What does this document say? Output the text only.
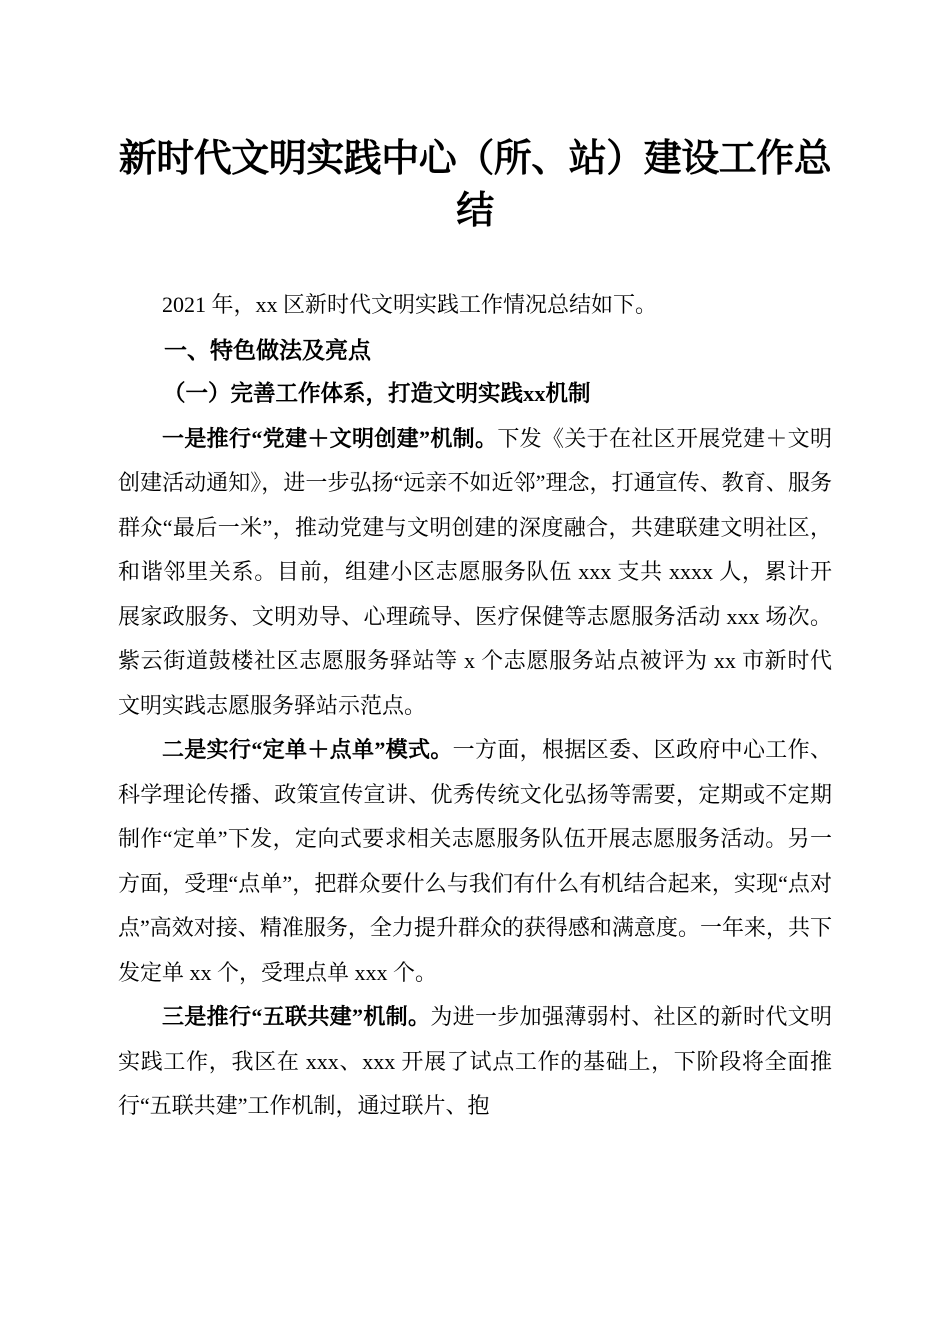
新时代文明实践中心（所、站）建设工作总结

2021 年，xx 区新时代文明实践工作情况总结如下。

一、特色做法及亮点
（一）完善工作体系，打造文明实践xx机制

一是推行“党建＋文明创建”机制。下发《关于在社区开展党建＋文明创建活动通知》，进一步弘扬“远亲不如近邻”理念，打通宣传、教育、服务群众“最后一米”，推动党建与文明创建的深度融合，共建联建文明社区，和谐邻里关系。目前，组建小区志愿服务队伍 xxx 支共 xxxx 人，累计开展家政服务、文明劝导、心理疏导、医疗保健等志愿服务活动 xxx 场次。紫云街道鼓楼社区志愿服务驿站等 x 个志愿服务站点被评为 xx 市新时代文明实践志愿服务驿站示范点。

二是实行“定单＋点单”模式。一方面，根据区委、区政府中心工作、科学理论传播、政策宣传宣讲、优秀传统文化弘扬等需要，定期或不定期制作“定单”下发，定向式要求相关志愿服务队伍开展志愿服务活动。另一方面，受理“点单”，把群众要什么与我们有什么有机结合起来，实现“点对点”高效对接、精准服务，全力提升群众的获得感和满意度。一年来，共下发定单 xx 个，受理点单 xxx 个。

三是推行“五联共建”机制。为进一步加强薄弱村、社区的新时代文明实践工作，我区在 xxx、xxx 开展了试点工作的基础上，下阶段将全面推行“五联共建”工作机制，通过联片、抱
